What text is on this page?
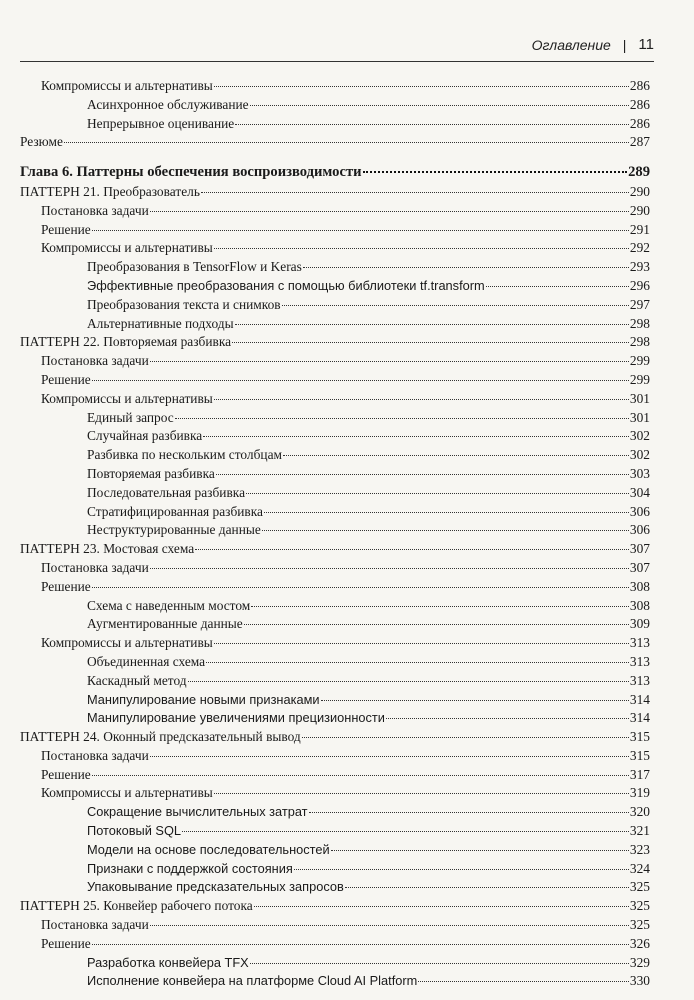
Оглавление | 11
Компромиссы и альтернативы	286
Асинхронное обслуживание	286
Непрерывное оценивание	286
Резюме	287
Глава 6. Паттерны обеспечения воспроизводимости	289
ПАТТЕРН 21. Преобразователь	290
Постановка задачи	290
Решение	291
Компромиссы и альтернативы	292
Преобразования в TensorFlow и Keras	293
Эффективные преобразования с помощью библиотеки tf.transform	296
Преобразования текста и снимков	297
Альтернативные подходы	298
ПАТТЕРН 22. Повторяемая разбивка	298
Постановка задачи	299
Решение	299
Компромиссы и альтернативы	301
Единый запрос	301
Случайная разбивка	302
Разбивка по нескольким столбцам	302
Повторяемая разбивка	303
Последовательная разбивка	304
Стратифицированная разбивка	306
Неструктурированные данные	306
ПАТТЕРН 23. Мостовая схема	307
Постановка задачи	307
Решение	308
Схема с наведенным мостом	308
Аугментированные данные	309
Компромиссы и альтернативы	313
Объединенная схема	313
Каскадный метод	313
Манипулирование новыми признаками	314
Манипулирование увеличениями прецизионности	314
ПАТТЕРН 24. Оконный предсказательный вывод	315
Постановка задачи	315
Решение	317
Компромиссы и альтернативы	319
Сокращение вычислительных затрат	320
Потоковый SQL	321
Модели на основе последовательностей	323
Признаки с поддержкой состояния	324
Упаковывание предсказательных запросов	325
ПАТТЕРН 25. Конвейер рабочего потока	325
Постановка задачи	325
Решение	326
Разработка конвейера TFX	329
Исполнение конвейера на платформе Cloud AI Platform	330
